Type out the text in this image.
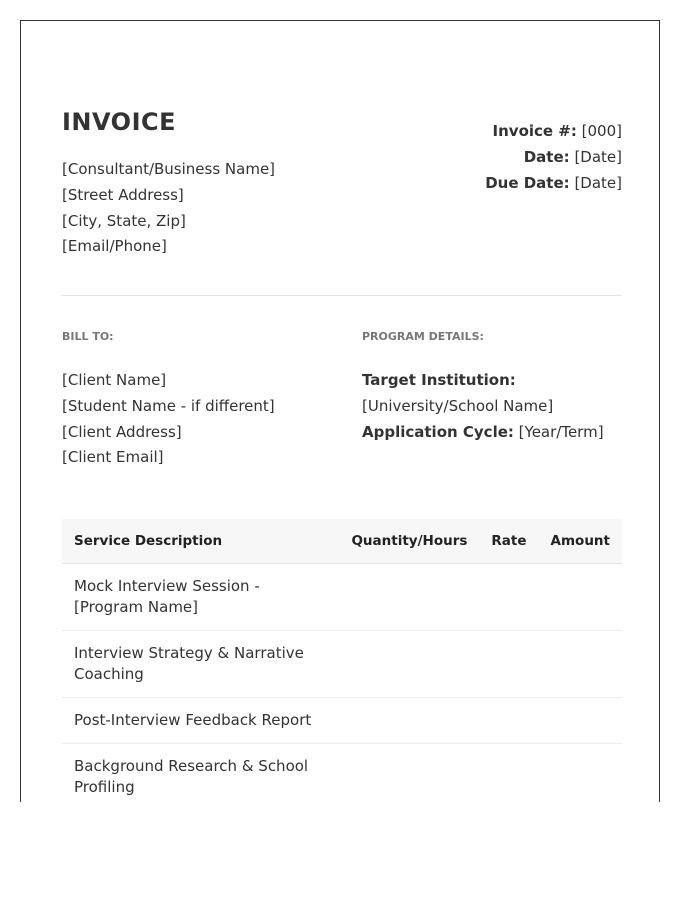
INVOICE
[Consultant/Business Name]
[Street Address]
[City, State, Zip]
[Email/Phone]
Invoice #: [000]
Date: [Date]
Due Date: [Date]
BILL TO:
[Client Name]
[Student Name - if different]
[Client Address]
[Client Email]
PROGRAM DETAILS:
Target Institution:
[University/School Name]
Application Cycle: [Year/Term]
Service Description	Quantity/Hours	Rate	Amount
Mock Interview Session - [Program Name]			
Interview Strategy & Narrative Coaching			
Post-Interview Feedback Report			
Background Research & School Profiling			
